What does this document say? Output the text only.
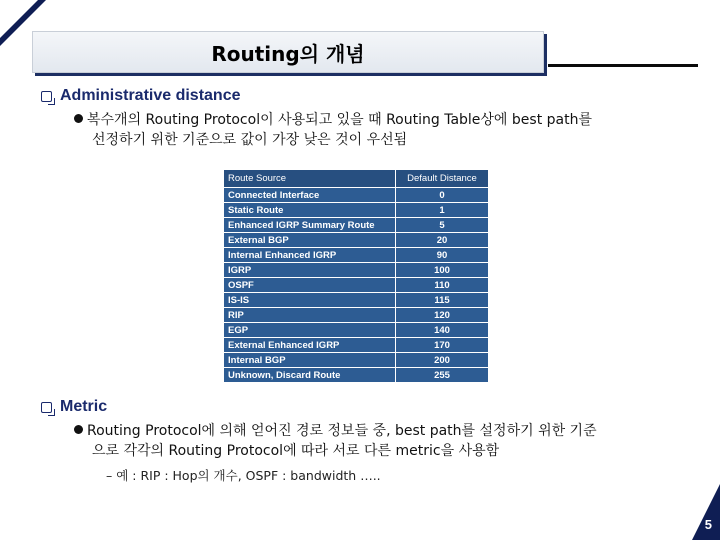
Routing의 개념
Administrative distance
복수개의 Routing Protocol이 사용되고 있을 때 Routing Table상에 best path를
선정하기 위한 기준으로 값이 가장 낮은 것이 우선됨
Route Source	Default Distance
Connected Interface	0
Static Route	1
Enhanced IGRP Summary Route	5
External BGP	20
Internal Enhanced IGRP	90
IGRP	100
OSPF	110
IS-IS	115
RIP	120
EGP	140
External Enhanced IGRP	170
Internal BGP	200
Unknown, Discard Route	255
Metric
Routing Protocol에 의해 얻어진 경로 정보들 중, best path를 설정하기 위한 기준
으로 각각의 Routing Protocol에 따라 서로 다른 metric을 사용함
– 예 : RIP : Hop의 개수, OSPF : bandwidth …..
5
